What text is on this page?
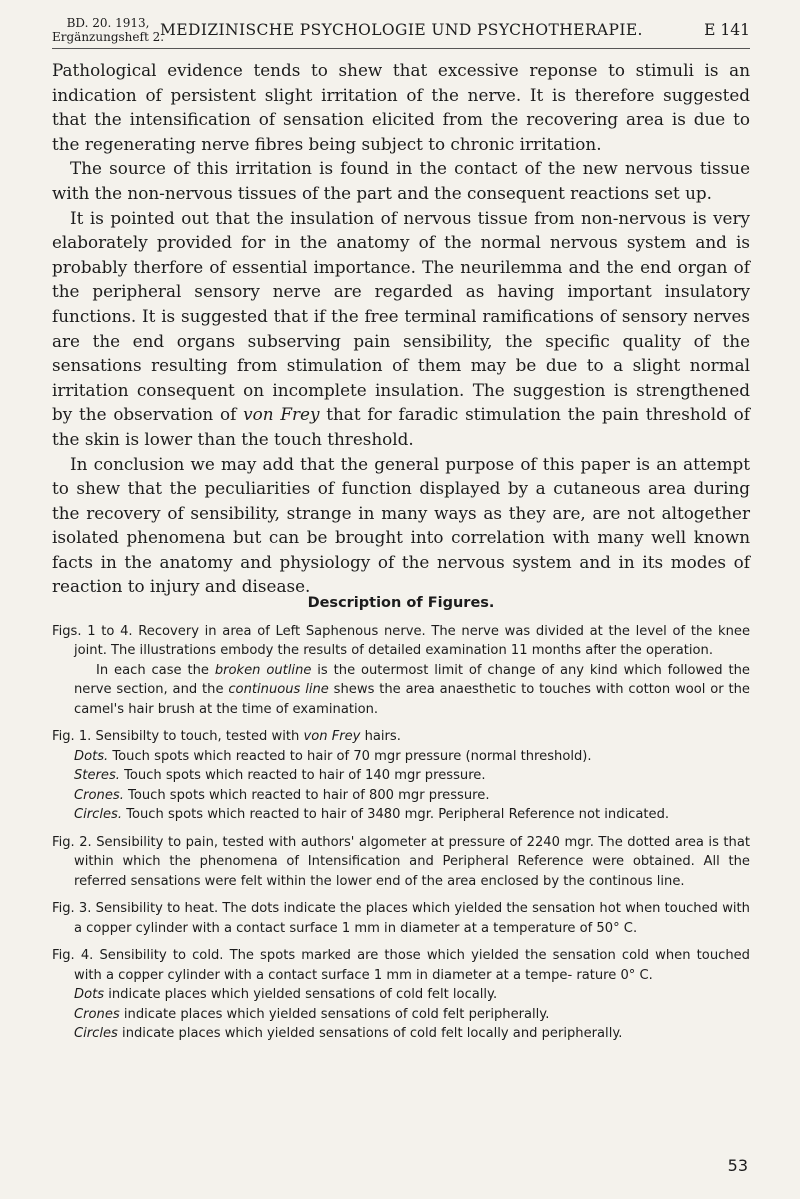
BD. 20. 1913,
Ergänzungsheft 2.
MEDIZINISCHE PSYCHOLOGIE UND PSYCHOTHERAPIE.	E 141

Pathological evidence tends to shew that excessive reponse to stimuli is an indication of persistent slight irritation of the nerve. It is therefore suggested that the intensification of sensation elicited from the recovering area is due to the regenerating nerve fibres being subject to chronic irritation.

The source of this irritation is found in the contact of the new nervous tissue with the non-nervous tissues of the part and the consequent reactions set up.

It is pointed out that the insulation of nervous tissue from non-nervous is very elaborately provided for in the anatomy of the normal nervous system and is probably therfore of essential importance. The neurilemma and the end organ of the peripheral sensory nerve are regarded as having important insulatory functions. It is suggested that if the free terminal ramifications of sensory nerves are the end organs subserving pain sensibility, the specific quality of the sensations resulting from stimulation of them may be due to a slight normal irritation consequent on incomplete insulation. The suggestion is strengthened by the observation of von Frey that for faradic stimulation the pain threshold of the skin is lower than the touch threshold.

In conclusion we may add that the general purpose of this paper is an attempt to shew that the peculiarities of function displayed by a cutaneous area during the recovery of sensibility, strange in many ways as they are, are not altogether isolated phenomena but can be brought into correlation with many well known facts in the anatomy and physiology of the nervous system and in its modes of reaction to injury and disease.

Description of Figures.
Figs. 1 to 4. Recovery in area of Left Saphenous nerve. The nerve was divided at the level of the knee joint. The illustrations embody the results of detailed examination 11 months after the operation.
In each case the broken outline is the outermost limit of change of any kind which followed the nerve section, and the continuous line shews the area anaesthetic to touches with cotton wool or the camel's hair brush at the time of examination.
Fig. 1. Sensibilty to touch, tested with von Frey hairs.
Dots. Touch spots which reacted to hair of 70 mgr pressure (normal threshold).
Steres. Touch spots which reacted to hair of 140 mgr pressure.
Crones. Touch spots which reacted to hair of 800 mgr pressure.
Circles. Touch spots which reacted to hair of 3480 mgr. Peripheral Reference not indicated.
Fig. 2. Sensibility to pain, tested with authors' algometer at pressure of 2240 mgr. The dotted area is that within which the phenomena of Intensification and Peripheral Reference were obtained. All the referred sensations were felt within the lower end of the area enclosed by the continous line.
Fig. 3. Sensibility to heat. The dots indicate the places which yielded the sensation hot when touched with a copper cylinder with a contact surface 1 mm in diameter at a temperature of 50° C.
Fig. 4. Sensibility to cold. The spots marked are those which yielded the sensation cold when touched with a copper cylinder with a contact surface 1 mm in diameter at a tempe- rature 0° C.
Dots indicate places which yielded sensations of cold felt locally.
Crones indicate places which yielded sensations of cold felt peripherally.
Circles indicate places which yielded sensations of cold felt locally and peripherally.
53
